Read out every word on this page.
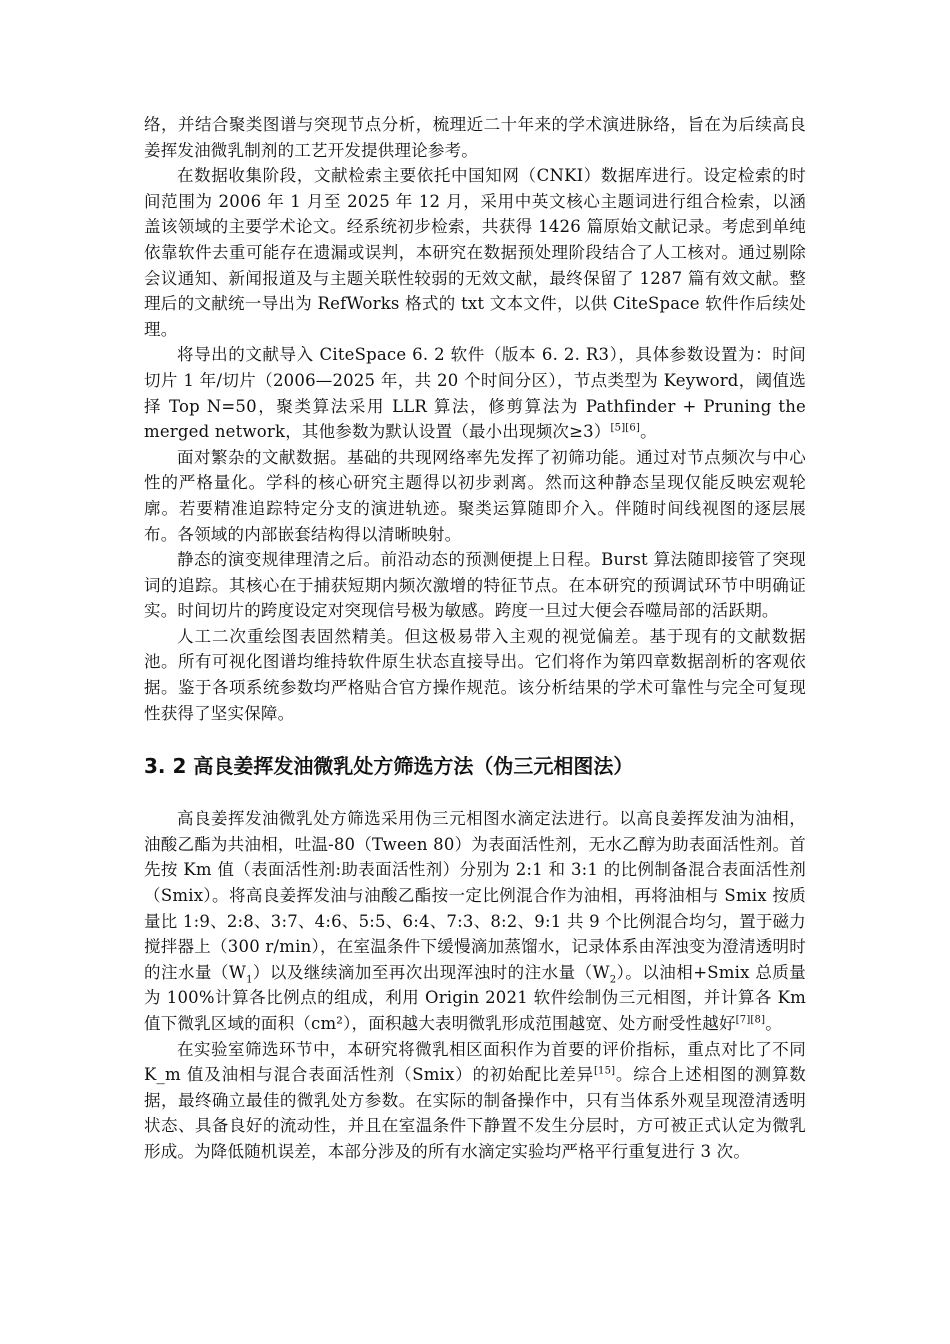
络，并结合聚类图谱与突现节点分析，梳理近二十年来的学术演进脉络，旨在为后续高良姜挥发油微乳制剂的工艺开发提供理论参考。

在数据收集阶段，文献检索主要依托中国知网（CNKI）数据库进行。设定检索的时间范围为 2006 年 1 月至 2025 年 12 月，采用中英文核心主题词进行组合检索，以涵盖该领域的主要学术论文。经系统初步检索，共获得 1426 篇原始文献记录。考虑到单纯依靠软件去重可能存在遗漏或误判，本研究在数据预处理阶段结合了人工核对。通过剔除会议通知、新闻报道及与主题关联性较弱的无效文献，最终保留了 1287 篇有效文献。整理后的文献统一导出为 RefWorks 格式的 txt 文本文件，以供 CiteSpace 软件作后续处理。

将导出的文献导入 CiteSpace 6. 2 软件（版本 6. 2. R3），具体参数设置为：时间切片 1 年/切片（2006—2025 年，共 20 个时间分区），节点类型为 Keyword，阈值选择 Top N=50，聚类算法采用 LLR 算法，修剪算法为 Pathfinder + Pruning the merged network，其他参数为默认设置（最小出现频次≥3）[5][6]。

面对繁杂的文献数据。基础的共现网络率先发挥了初筛功能。通过对节点频次与中心性的严格量化。学科的核心研究主题得以初步剥离。然而这种静态呈现仅能反映宏观轮廓。若要精准追踪特定分支的演进轨迹。聚类运算随即介入。伴随时间线视图的逐层展布。各领域的内部嵌套结构得以清晰映射。

静态的演变规律理清之后。前沿动态的预测便提上日程。Burst 算法随即接管了突现词的追踪。其核心在于捕获短期内频次激增的特征节点。在本研究的预调试环节中明确证实。时间切片的跨度设定对突现信号极为敏感。跨度一旦过大便会吞噬局部的活跃期。

人工二次重绘图表固然精美。但这极易带入主观的视觉偏差。基于现有的文献数据池。所有可视化图谱均维持软件原生状态直接导出。它们将作为第四章数据剖析的客观依据。鉴于各项系统参数均严格贴合官方操作规范。该分析结果的学术可靠性与完全可复现性获得了坚实保障。

3. 2 高良姜挥发油微乳处方筛选方法（伪三元相图法）

高良姜挥发油微乳处方筛选采用伪三元相图水滴定法进行。以高良姜挥发油为油相，油酸乙酯为共油相，吐温-80（Tween 80）为表面活性剂，无水乙醇为助表面活性剂。首先按 Km 值（表面活性剂:助表面活性剂）分别为 2:1 和 3:1 的比例制备混合表面活性剂（Smix）。将高良姜挥发油与油酸乙酯按一定比例混合作为油相，再将油相与 Smix 按质量比 1:9、2:8、3:7、4:6、5:5、6:4、7:3、8:2、9:1 共 9 个比例混合均匀，置于磁力搅拌器上（300 r/min），在室温条件下缓慢滴加蒸馏水，记录体系由浑浊变为澄清透明时的注水量$(W_1)$以及继续滴加至再次出现浑浊时的注水量$(W_2)$。以油相+Smix 总质量为 100%计算各比例点的组成，利用 Origin 2021 软件绘制伪三元相图，并计算各 Km 值下微乳区域的面积（cm²），面积越大表明微乳形成范围越宽、处方耐受性越好[7][8]。

在实验室筛选环节中，本研究将微乳相区面积作为首要的评价指标，重点对比了不同 K_m 值及油相与混合表面活性剂（Smix）的初始配比差异[15]。综合上述相图的测算数据，最终确立最佳的微乳处方参数。在实际的制备操作中，只有当体系外观呈现澄清透明状态、具备良好的流动性，并且在室温条件下静置不发生分层时，方可被正式认定为微乳形成。为降低随机误差，本部分涉及的所有水滴定实验均严格平行重复进行 3 次。
